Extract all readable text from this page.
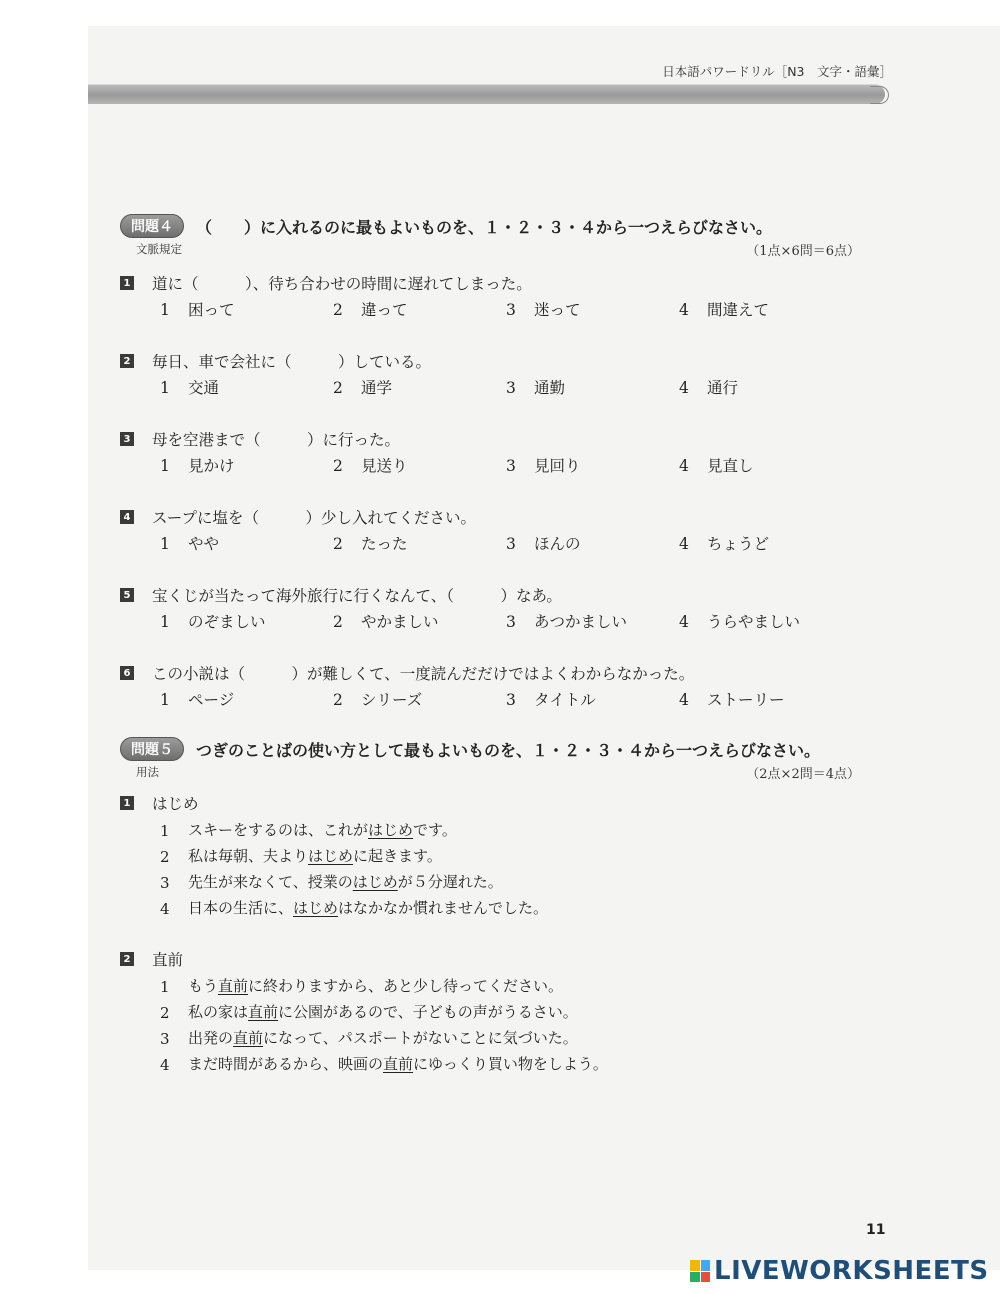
日本語パワードリル［N3　文字・語彙］
問題４	（　　）に入れるのに最もよいものを、１・２・３・４から一つえらびなさい。
文脈規定	（1点×6問＝6点）
1 道に（　　　）、待ち合わせの時間に遅れてしまった。
1 困って	2 違って	3 迷って	4 間違えて
2 毎日、車で会社に（　　　）している。
1 交通	2 通学	3 通勤	4 通行
3 母を空港まで（　　　）に行った。
1 見かけ	2 見送り	3 見回り	4 見直し
4 スープに塩を（　　　）少し入れてください。
1 やや	2 たった	3 ほんの	4 ちょうど
5 宝くじが当たって海外旅行に行くなんて、（　　　）なあ。
1 のぞましい	2 やかましい	3 あつかましい	4 うらやましい
6 この小説は（　　　）が難しくて、一度読んだだけではよくわからなかった。
1 ページ	2 シリーズ	3 タイトル	4 ストーリー
問題５	つぎのことばの使い方として最もよいものを、１・２・３・４から一つえらびなさい。
用法	（2点×2問＝4点）
1 はじめ
1	スキーをするのは、これが はじめ です。
2	私は毎朝、夫より はじめ に起きます。
3	先生が来なくて、授業の はじめ が５分遅れた。
4	日本の生活に、 はじめ はなかなか慣れませんでした。
2 直前
1	もう 直前 に終わりますから、あと少し待ってください。
2	私の家は 直前 に公園があるので、子どもの声がうるさい。
3	出発の 直前 になって、パスポートがないことに気づいた。
4	まだ時間があるから、映画の 直前 にゆっくり買い物をしよう。
11
LIVEWORKSHEETS
